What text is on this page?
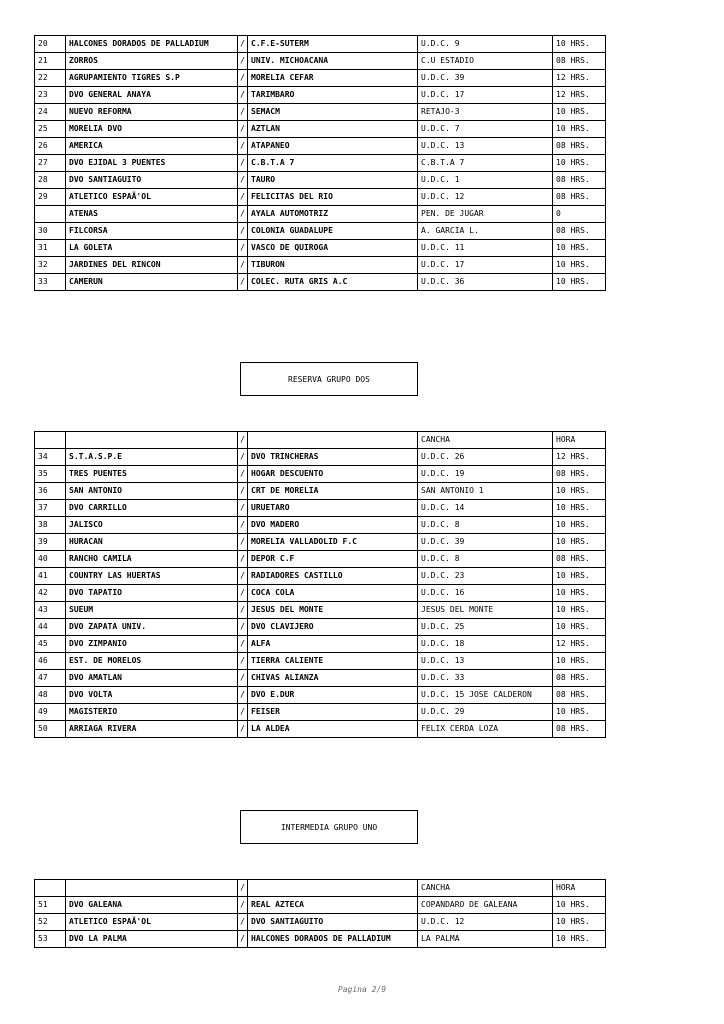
20	HALCONES DORADOS DE PALLADIUM	/	C.F.E-SUTERM	U.D.C. 9	10 HRS.
21	ZORROS	/	UNIV. MICHOACANA	C.U ESTADIO	08 HRS.
22	AGRUPAMIENTO TIGRES S.P	/	MORELIA CEFAR	U.D.C. 39	12 HRS.
23	DVO GENERAL ANAYA	/	TARIMBARO	U.D.C. 17	12 HRS.
24	NUEVO REFORMA	/	SEMACM	RETAJO-3	10 HRS.
25	MORELIA DVO	/	AZTLAN	U.D.C. 7	10 HRS.
26	AMERICA	/	ATAPANEO	U.D.C. 13	08 HRS.
27	DVO EJIDAL 3 PUENTES	/	C.B.T.A 7	C.B.T.A 7	10 HRS.
28	DVO SANTIAGUITO	/	TAURO	U.D.C. 1	08 HRS.
29	ATLETICO ESPAÃ'OL	/	FELICITAS DEL RIO	U.D.C. 12	08 HRS.
	ATENAS	/	AYALA AUTOMOTRIZ	PEN. DE JUGAR	0
30	FILCORSA	/	COLONIA GUADALUPE	A. GARCIA L.	08 HRS.
31	LA GOLETA	/	VASCO DE QUIROGA	U.D.C. 11	10 HRS.
32	JARDINES DEL RINCON	/	TIBURON	U.D.C. 17	10 HRS.
33	CAMERUN	/	COLEC. RUTA GRIS A.C	U.D.C. 36	10 HRS.
RESERVA GRUPO DOS
		/		CANCHA	HORA
34	S.T.A.S.P.E	/	DVO TRINCHERAS	U.D.C. 26	12 HRS.
35	TRES PUENTES	/	HOGAR DESCUENTO	U.D.C. 19	08 HRS.
36	SAN ANTONIO	/	CRT DE MORELIA	SAN ANTONIO 1	10 HRS.
37	DVO CARRILLO	/	URUETARO	U.D.C. 14	10 HRS.
38	JALISCO	/	DVO MADERO	U.D.C. 8	10 HRS.
39	HURACAN	/	MORELIA VALLADOLID F.C	U.D.C. 39	10 HRS.
40	RANCHO CAMILA	/	DEPOR C.F	U.D.C. 8	08 HRS.
41	COUNTRY LAS HUERTAS	/	RADIADORES CASTILLO	U.D.C. 23	10 HRS.
42	DVO TAPATIO	/	COCA COLA	U.D.C. 16	10 HRS.
43	SUEUM	/	JESUS DEL MONTE	JESUS DEL MONTE	10 HRS.
44	DVO ZAPATA UNIV.	/	DVO CLAVIJERO	U.D.C. 25	10 HRS.
45	DVO ZIMPANIO	/	ALFA	U.D.C. 18	12 HRS.
46	EST. DE MORELOS	/	TIERRA CALIENTE	U.D.C. 13	10 HRS.
47	DVO AMATLAN	/	CHIVAS ALIANZA	U.D.C. 33	08 HRS.
48	DVO VOLTA	/	DVO E.DUR	U.D.C. 15 JOSE CALDERON	08 HRS.
49	MAGISTERIO	/	FEISER	U.D.C. 29	10 HRS.
50	ARRIAGA RIVERA	/	LA ALDEA	FELIX CERDA LOZA	08 HRS.
INTERMEDIA GRUPO UNO
		/		CANCHA	HORA
51	DVO GALEANA	/	REAL AZTECA	COPANDARO DE GALEANA	10 HRS.
52	ATLETICO ESPAÃ'OL	/	DVO SANTIAGUITO	U.D.C. 12	10 HRS.
53	DVO LA PALMA	/	HALCONES DORADOS DE PALLADIUM	LA PALMA	10 HRS.
Pagina 2/9
